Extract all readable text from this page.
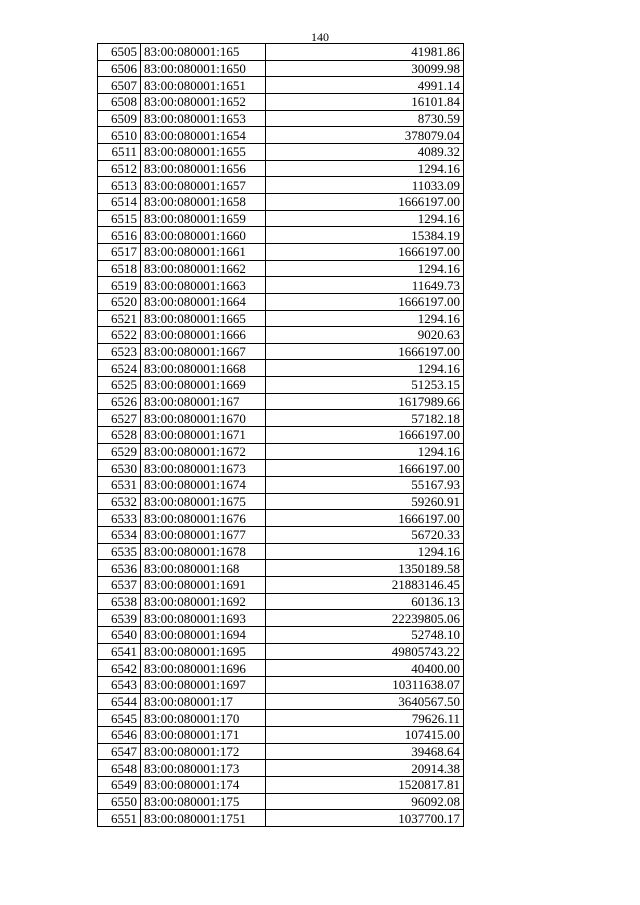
140
6505	83:00:080001:165	41981.86
6506	83:00:080001:1650	30099.98
6507	83:00:080001:1651	4991.14
6508	83:00:080001:1652	16101.84
6509	83:00:080001:1653	8730.59
6510	83:00:080001:1654	378079.04
6511	83:00:080001:1655	4089.32
6512	83:00:080001:1656	1294.16
6513	83:00:080001:1657	11033.09
6514	83:00:080001:1658	1666197.00
6515	83:00:080001:1659	1294.16
6516	83:00:080001:1660	15384.19
6517	83:00:080001:1661	1666197.00
6518	83:00:080001:1662	1294.16
6519	83:00:080001:1663	11649.73
6520	83:00:080001:1664	1666197.00
6521	83:00:080001:1665	1294.16
6522	83:00:080001:1666	9020.63
6523	83:00:080001:1667	1666197.00
6524	83:00:080001:1668	1294.16
6525	83:00:080001:1669	51253.15
6526	83:00:080001:167	1617989.66
6527	83:00:080001:1670	57182.18
6528	83:00:080001:1671	1666197.00
6529	83:00:080001:1672	1294.16
6530	83:00:080001:1673	1666197.00
6531	83:00:080001:1674	55167.93
6532	83:00:080001:1675	59260.91
6533	83:00:080001:1676	1666197.00
6534	83:00:080001:1677	56720.33
6535	83:00:080001:1678	1294.16
6536	83:00:080001:168	1350189.58
6537	83:00:080001:1691	21883146.45
6538	83:00:080001:1692	60136.13
6539	83:00:080001:1693	22239805.06
6540	83:00:080001:1694	52748.10
6541	83:00:080001:1695	49805743.22
6542	83:00:080001:1696	40400.00
6543	83:00:080001:1697	10311638.07
6544	83:00:080001:17	3640567.50
6545	83:00:080001:170	79626.11
6546	83:00:080001:171	107415.00
6547	83:00:080001:172	39468.64
6548	83:00:080001:173	20914.38
6549	83:00:080001:174	1520817.81
6550	83:00:080001:175	96092.08
6551	83:00:080001:1751	1037700.17
